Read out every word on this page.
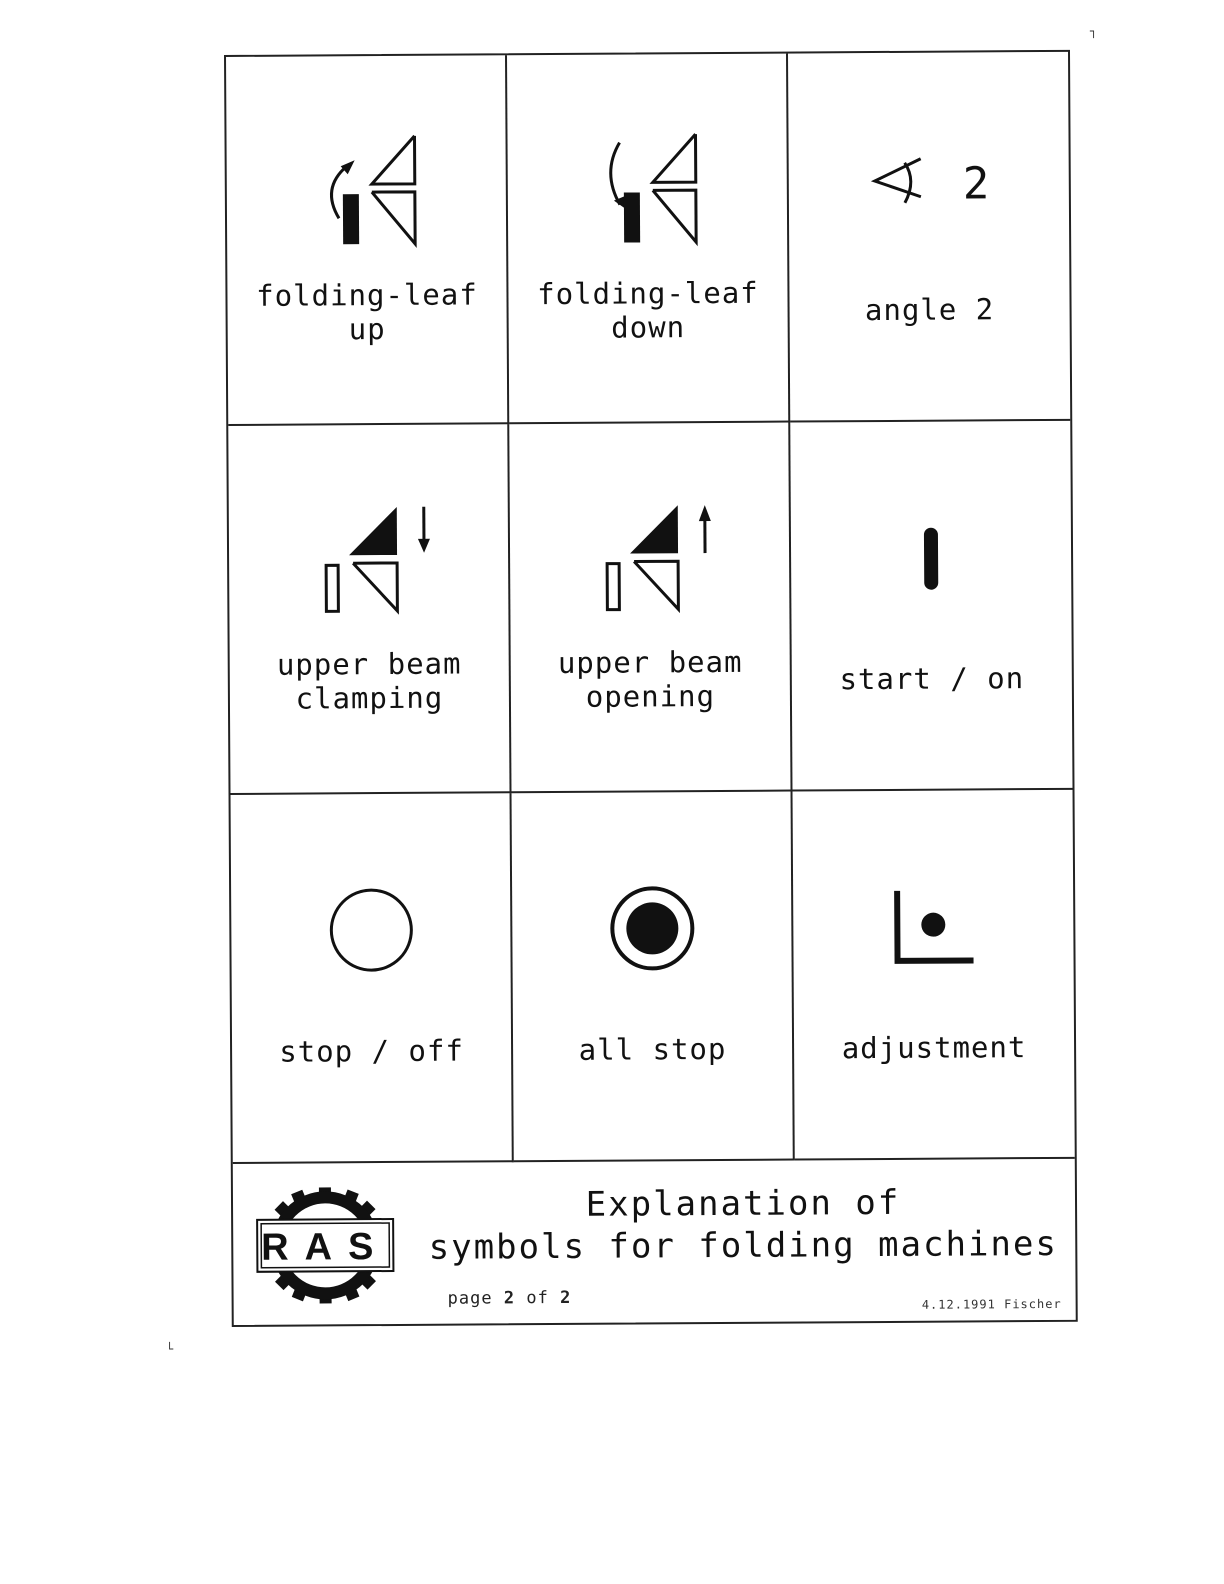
┐
└
folding-leaf
up
folding-leaf
down
2
angle 2
upper beam
clamping
upper beam
opening
start / on
stop / off	all stop	adjustment
RAS
Explanation of
symbols for folding machines
page 2 of 2	4.12.1991 Fischer
